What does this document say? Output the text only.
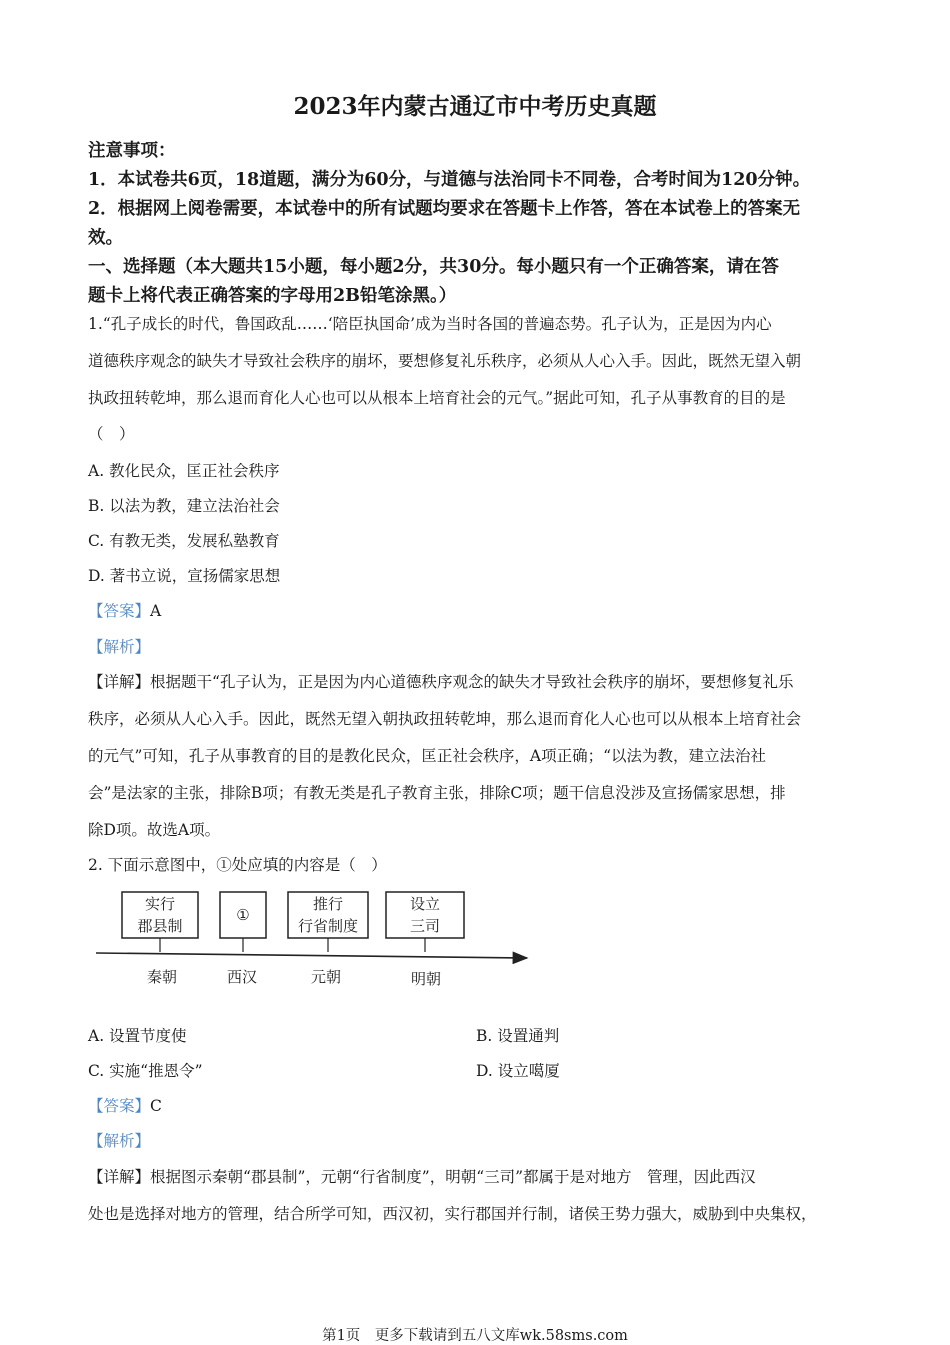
2023年内蒙古通辽市中考历史真题
注意事项：
1．本试卷共6页，18道题，满分为60分，与道德与法治同卡不同卷，合考时间为120分钟。
2．根据网上阅卷需要，本试卷中的所有试题均要求在答题卡上作答，答在本试卷上的答案无
效。
一、选择题（本大题共15小题，每小题2分，共30分。每小题只有一个正确答案，请在答
题卡上将代表正确答案的字母用2B铅笔涂黑。）
1.“孔子成长的时代，鲁国政乱……‘陪臣执国命’成为当时各国的普遍态势。孔子认为，正是因为内心
道德秩序观念的缺失才导致社会秩序的崩坏，要想修复礼乐秩序，必须从人心入手。因此，既然无望入朝
执政扭转乾坤，那么退而育化人心也可以从根本上培育社会的元气。”据此可知，孔子从事教育的目的是
（　）
A. 教化民众，匡正社会秩序
B. 以法为教，建立法治社会
C. 有教无类，发展私塾教育
D. 著书立说，宣扬儒家思想
【答案】A
【解析】
【详解】根据题干“孔子认为，正是因为内心道德秩序观念的缺失才导致社会秩序的崩坏，要想修复礼乐
秩序，必须从人心入手。因此，既然无望入朝执政扭转乾坤，那么退而育化人心也可以从根本上培育社会
的元气”可知，孔子从事教育的目的是教化民众，匡正社会秩序，A项正确；“以法为教，建立法治社
会”是法家的主张，排除B项；有教无类是孔子教育主张，排除C项；题干信息没涉及宣扬儒家思想，排
除D项。故选A项。
2. 下面示意图中，①处应填的内容是（　）
实行
郡县制
①
推行
行省制度
设立
三司
秦朝	西汉	元朝	明朝
A. 设置节度使	B. 设置通判
C. 实施“推恩令”	D. 设立噶厦
【答案】C
【解析】
【详解】根据图示秦朝“郡县制”，元朝“行省制度”，明朝“三司”都属于是对地方　管理，因此西汉
处也是选择对地方的管理，结合所学可知，西汉初，实行郡国并行制，诸侯王势力强大，威胁到中央集权，
第1页　更多下载请到五八文库wk.58sms.com
